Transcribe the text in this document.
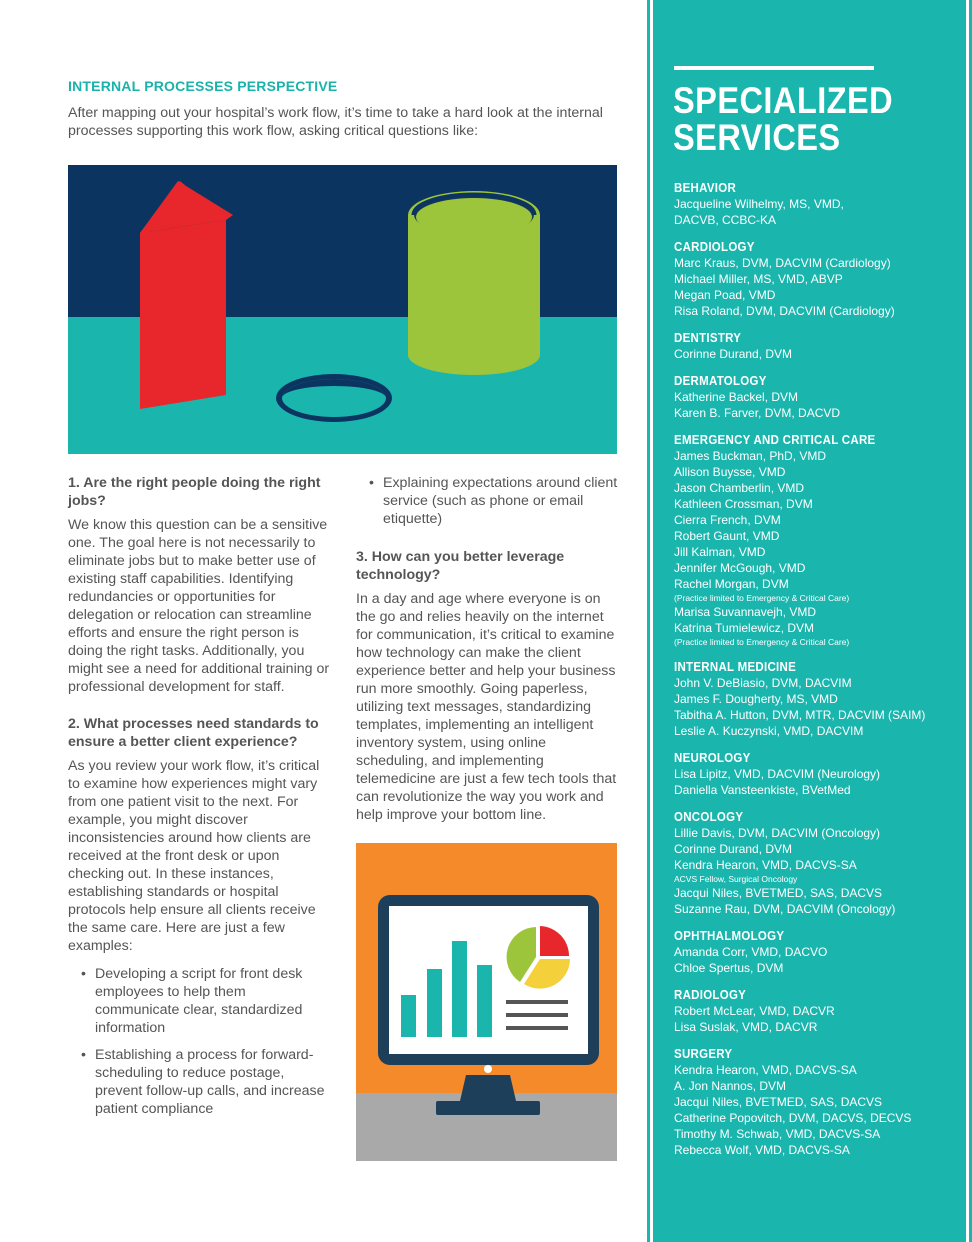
INTERNAL PROCESSES PERSPECTIVE

After mapping out your hospital’s work flow, it’s time to take a hard look at the internal processes supporting this work flow, asking critical questions like:

1. Are the right people doing the right jobs?

We know this question can be a sensitive one. The goal here is not necessarily to eliminate jobs but to make better use of existing staff capabilities. Identifying redundancies or opportunities for delegation or relocation can streamline efforts and ensure the right person is doing the right tasks. Additionally, you might see a need for additional training or professional development for staff.

2. What processes need standards to ensure a better client experience?

As you review your work flow, it’s critical to examine how experiences might vary from one patient visit to the next. For example, you might discover inconsistencies around how clients are received at the front desk or upon checking out. In these instances, establishing standards or hospital protocols help ensure all clients receive the same care. Here are just a few examples:

• Developing a script for front desk employees to help them communicate clear, standardized information
• Establishing a process for forward-scheduling to reduce postage, prevent follow-up calls, and increase patient compliance
• Explaining expectations around client service (such as phone or email etiquette)

3. How can you better leverage technology?

In a day and age where everyone is on the go and relies heavily on the internet for communication, it’s critical to examine how technology can make the client experience better and help your business run more smoothly. Going paperless, utilizing text messages, standardizing templates, implementing an intelligent inventory system, using online scheduling, and implementing telemedicine are just a few tech tools that can revolutionize the way you work and help improve your bottom line.

SPECIALIZED
SERVICES
BEHAVIOR
Jacqueline Wilhelmy, MS, VMD,
DACVB, CCBC-KA
CARDIOLOGY
Marc Kraus, DVM, DACVIM (Cardiology)
Michael Miller, MS, VMD, ABVP
Megan Poad, VMD
Risa Roland, DVM, DACVIM (Cardiology)
DENTISTRY
Corinne Durand, DVM
DERMATOLOGY
Katherine Backel, DVM
Karen B. Farver, DVM, DACVD
EMERGENCY AND CRITICAL CARE
James Buckman, PhD, VMD
Allison Buysse, VMD
Jason Chamberlin, VMD
Kathleen Crossman, DVM
Cierra French, DVM
Robert Gaunt, VMD
Jill Kalman, VMD
Jennifer McGough, VMD
Rachel Morgan, DVM
(Practice limited to Emergency & Critical Care)
Marisa Suvannavejh, VMD
Katrina Tumielewicz, DVM
(Practice limited to Emergency & Critical Care)
INTERNAL MEDICINE
John V. DeBiasio, DVM, DACVIM
James F. Dougherty, MS, VMD
Tabitha A. Hutton, DVM, MTR, DACVIM (SAIM)
Leslie A. Kuczynski, VMD, DACVIM
NEUROLOGY
Lisa Lipitz, VMD, DACVIM (Neurology)
Daniella Vansteenkiste, BVetMed
ONCOLOGY
Lillie Davis, DVM, DACVIM (Oncology)
Corinne Durand, DVM
Kendra Hearon, VMD, DACVS-SA
ACVS Fellow, Surgical Oncology
Jacqui Niles, BVETMED, SAS, DACVS
Suzanne Rau, DVM, DACVIM (Oncology)
OPHTHALMOLOGY
Amanda Corr, VMD, DACVO
Chloe Spertus, DVM
RADIOLOGY
Robert McLear, VMD, DACVR
Lisa Suslak, VMD, DACVR
SURGERY
Kendra Hearon, VMD, DACVS-SA
A. Jon Nannos, DVM
Jacqui Niles, BVETMED, SAS, DACVS
Catherine Popovitch, DVM, DACVS, DECVS
Timothy M. Schwab, VMD, DACVS-SA
Rebecca Wolf, VMD, DACVS-SA
